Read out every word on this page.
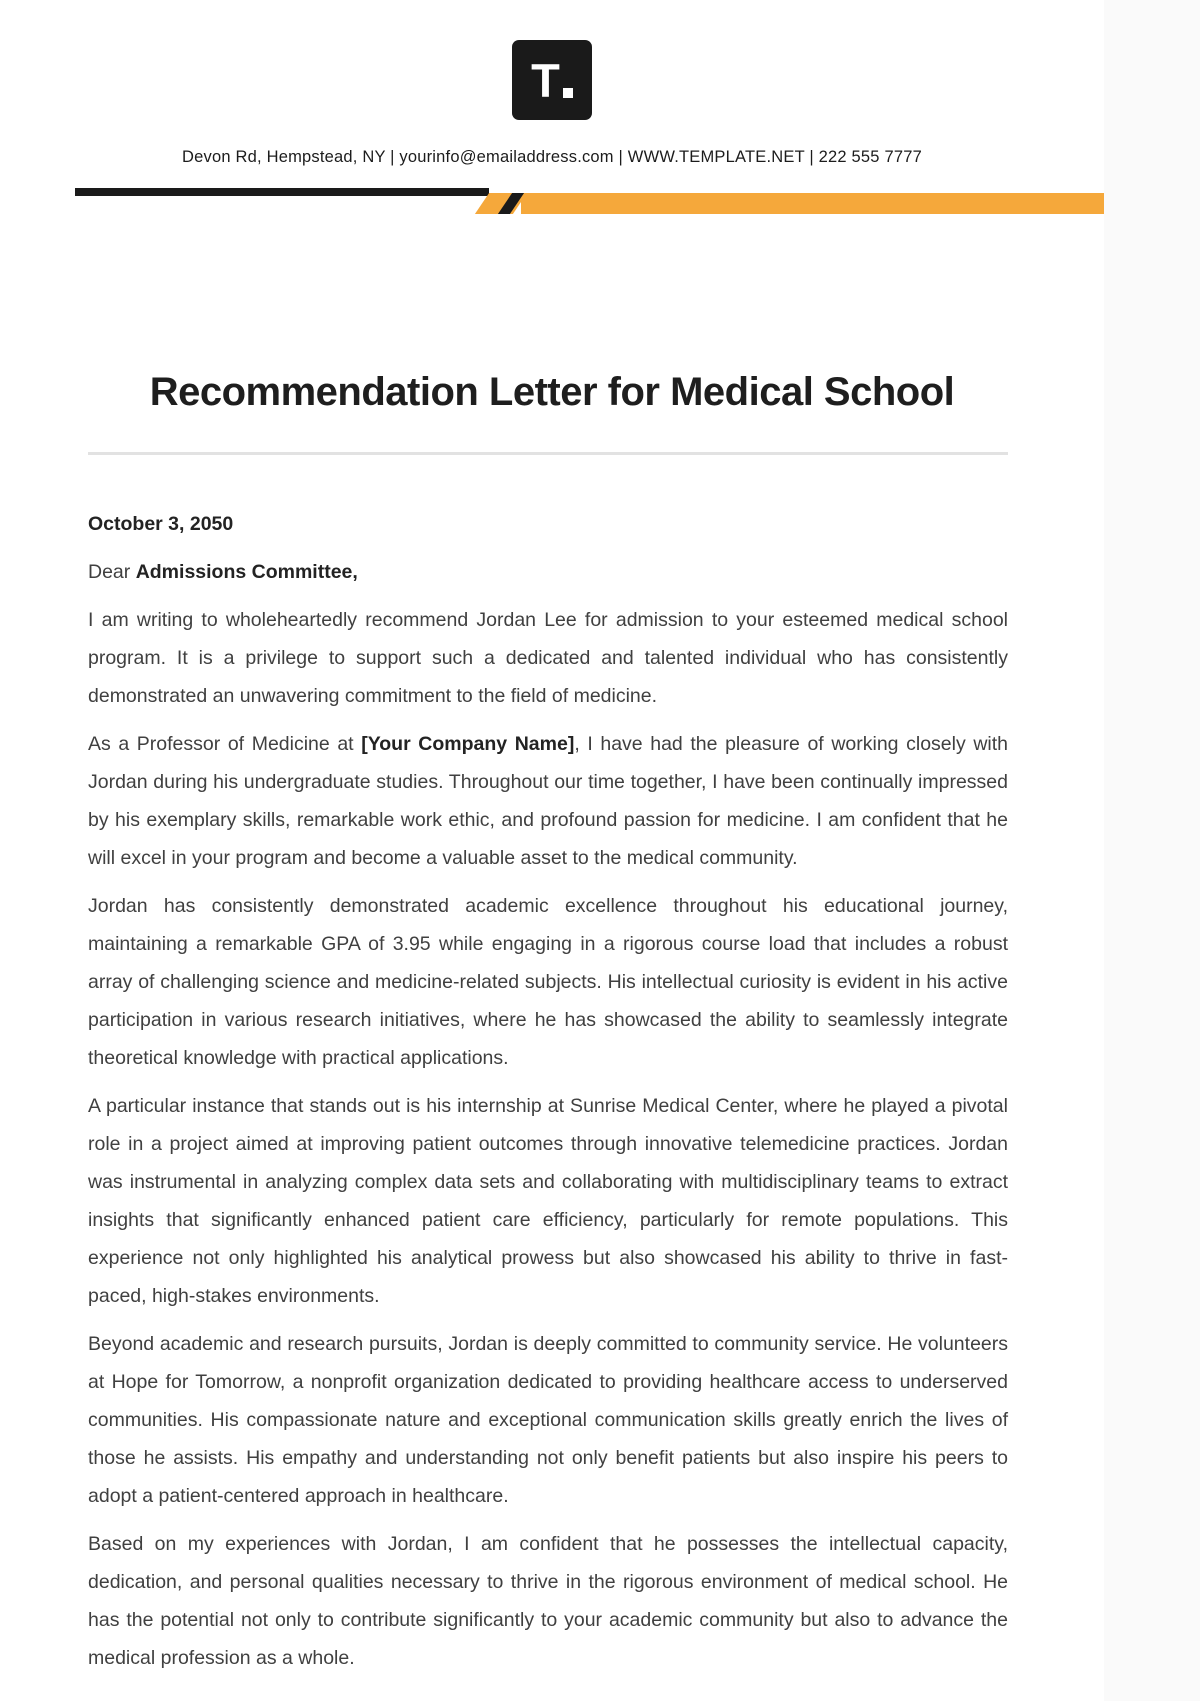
T
Devon Rd, Hempstead, NY | yourinfo@emailaddress.com | WWW.TEMPLATE.NET | 222 555 7777
Recommendation Letter for Medical School

October 3, 2050

Dear Admissions Committee,

I am writing to wholeheartedly recommend Jordan Lee for admission to your esteemed medical school program. It is a privilege to support such a dedicated and talented individual who has consistently demonstrated an unwavering commitment to the field of medicine.

As a Professor of Medicine at [Your Company Name], I have had the pleasure of working closely with Jordan during his undergraduate studies. Throughout our time together, I have been continually impressed by his exemplary skills, remarkable work ethic, and profound passion for medicine. I am confident that he will excel in your program and become a valuable asset to the medical community.

Jordan has consistently demonstrated academic excellence throughout his educational journey, maintaining a remarkable GPA of 3.95 while engaging in a rigorous course load that includes a robust array of challenging science and medicine-related subjects. His intellectual curiosity is evident in his active participation in various research initiatives, where he has showcased the ability to seamlessly integrate theoretical knowledge with practical applications.

A particular instance that stands out is his internship at Sunrise Medical Center, where he played a pivotal role in a project aimed at improving patient outcomes through innovative telemedicine practices. Jordan was instrumental in analyzing complex data sets and collaborating with multidisciplinary teams to extract insights that significantly enhanced patient care efficiency, particularly for remote populations. This experience not only highlighted his analytical prowess but also showcased his ability to thrive in fast-paced, high-stakes environments.

Beyond academic and research pursuits, Jordan is deeply committed to community service. He volunteers at Hope for Tomorrow, a nonprofit organization dedicated to providing healthcare access to underserved communities. His compassionate nature and exceptional communication skills greatly enrich the lives of those he assists. His empathy and understanding not only benefit patients but also inspire his peers to adopt a patient-centered approach in healthcare.

Based on my experiences with Jordan, I am confident that he possesses the intellectual capacity, dedication, and personal qualities necessary to thrive in the rigorous environment of medical school. He has the potential not only to contribute significantly to your academic community but also to advance the medical profession as a whole.
